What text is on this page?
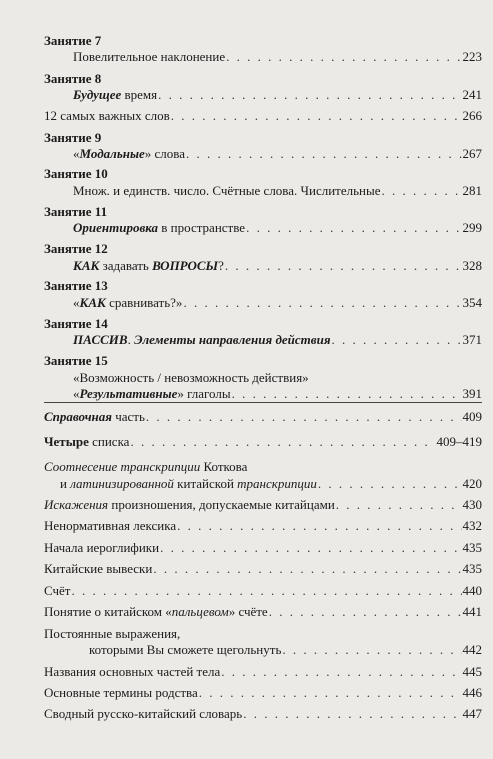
Занятие 7
Повелительное наклонение . . .	223
Занятие 8
Будущее время . . .	241
12 самых важных слов . . .	266
Занятие 9
«Модальные» слова . . .	267
Занятие 10
Множ. и единств. число. Счётные слова. Числительные . . .	281
Занятие 11
Ориентировка в пространстве . . .	299
Занятие 12
КАК задавать ВОПРОСЫ? . . .	328
Занятие 13
«КАК сравнивать?» . . .	354
Занятие 14
ПАССИВ. Элементы направления действия . . .	371
Занятие 15
«Возможность / невозможность действия»
«Результативные» глаголы . . .	391
Справочная часть . . .	409
Четыре списка . . .	409–419
Соотнесение транскрипции Коткова
и латинизированной китайской транскрипции . . .	420
Искажения произношения, допускаемые китайцами . . .	430
Ненормативная лексика . . .	432
Начала иероглифики . . .	435
Китайские вывески . . .	435
Счёт . . .	440
Понятие о китайском «пальцевом» счёте . . .	441
Постоянные выражения,
которыми Вы сможете щегольнуть . . .	442
Названия основных частей тела . . .	445
Основные термины родства . . .	446
Сводный русско-китайский словарь . . .	447
